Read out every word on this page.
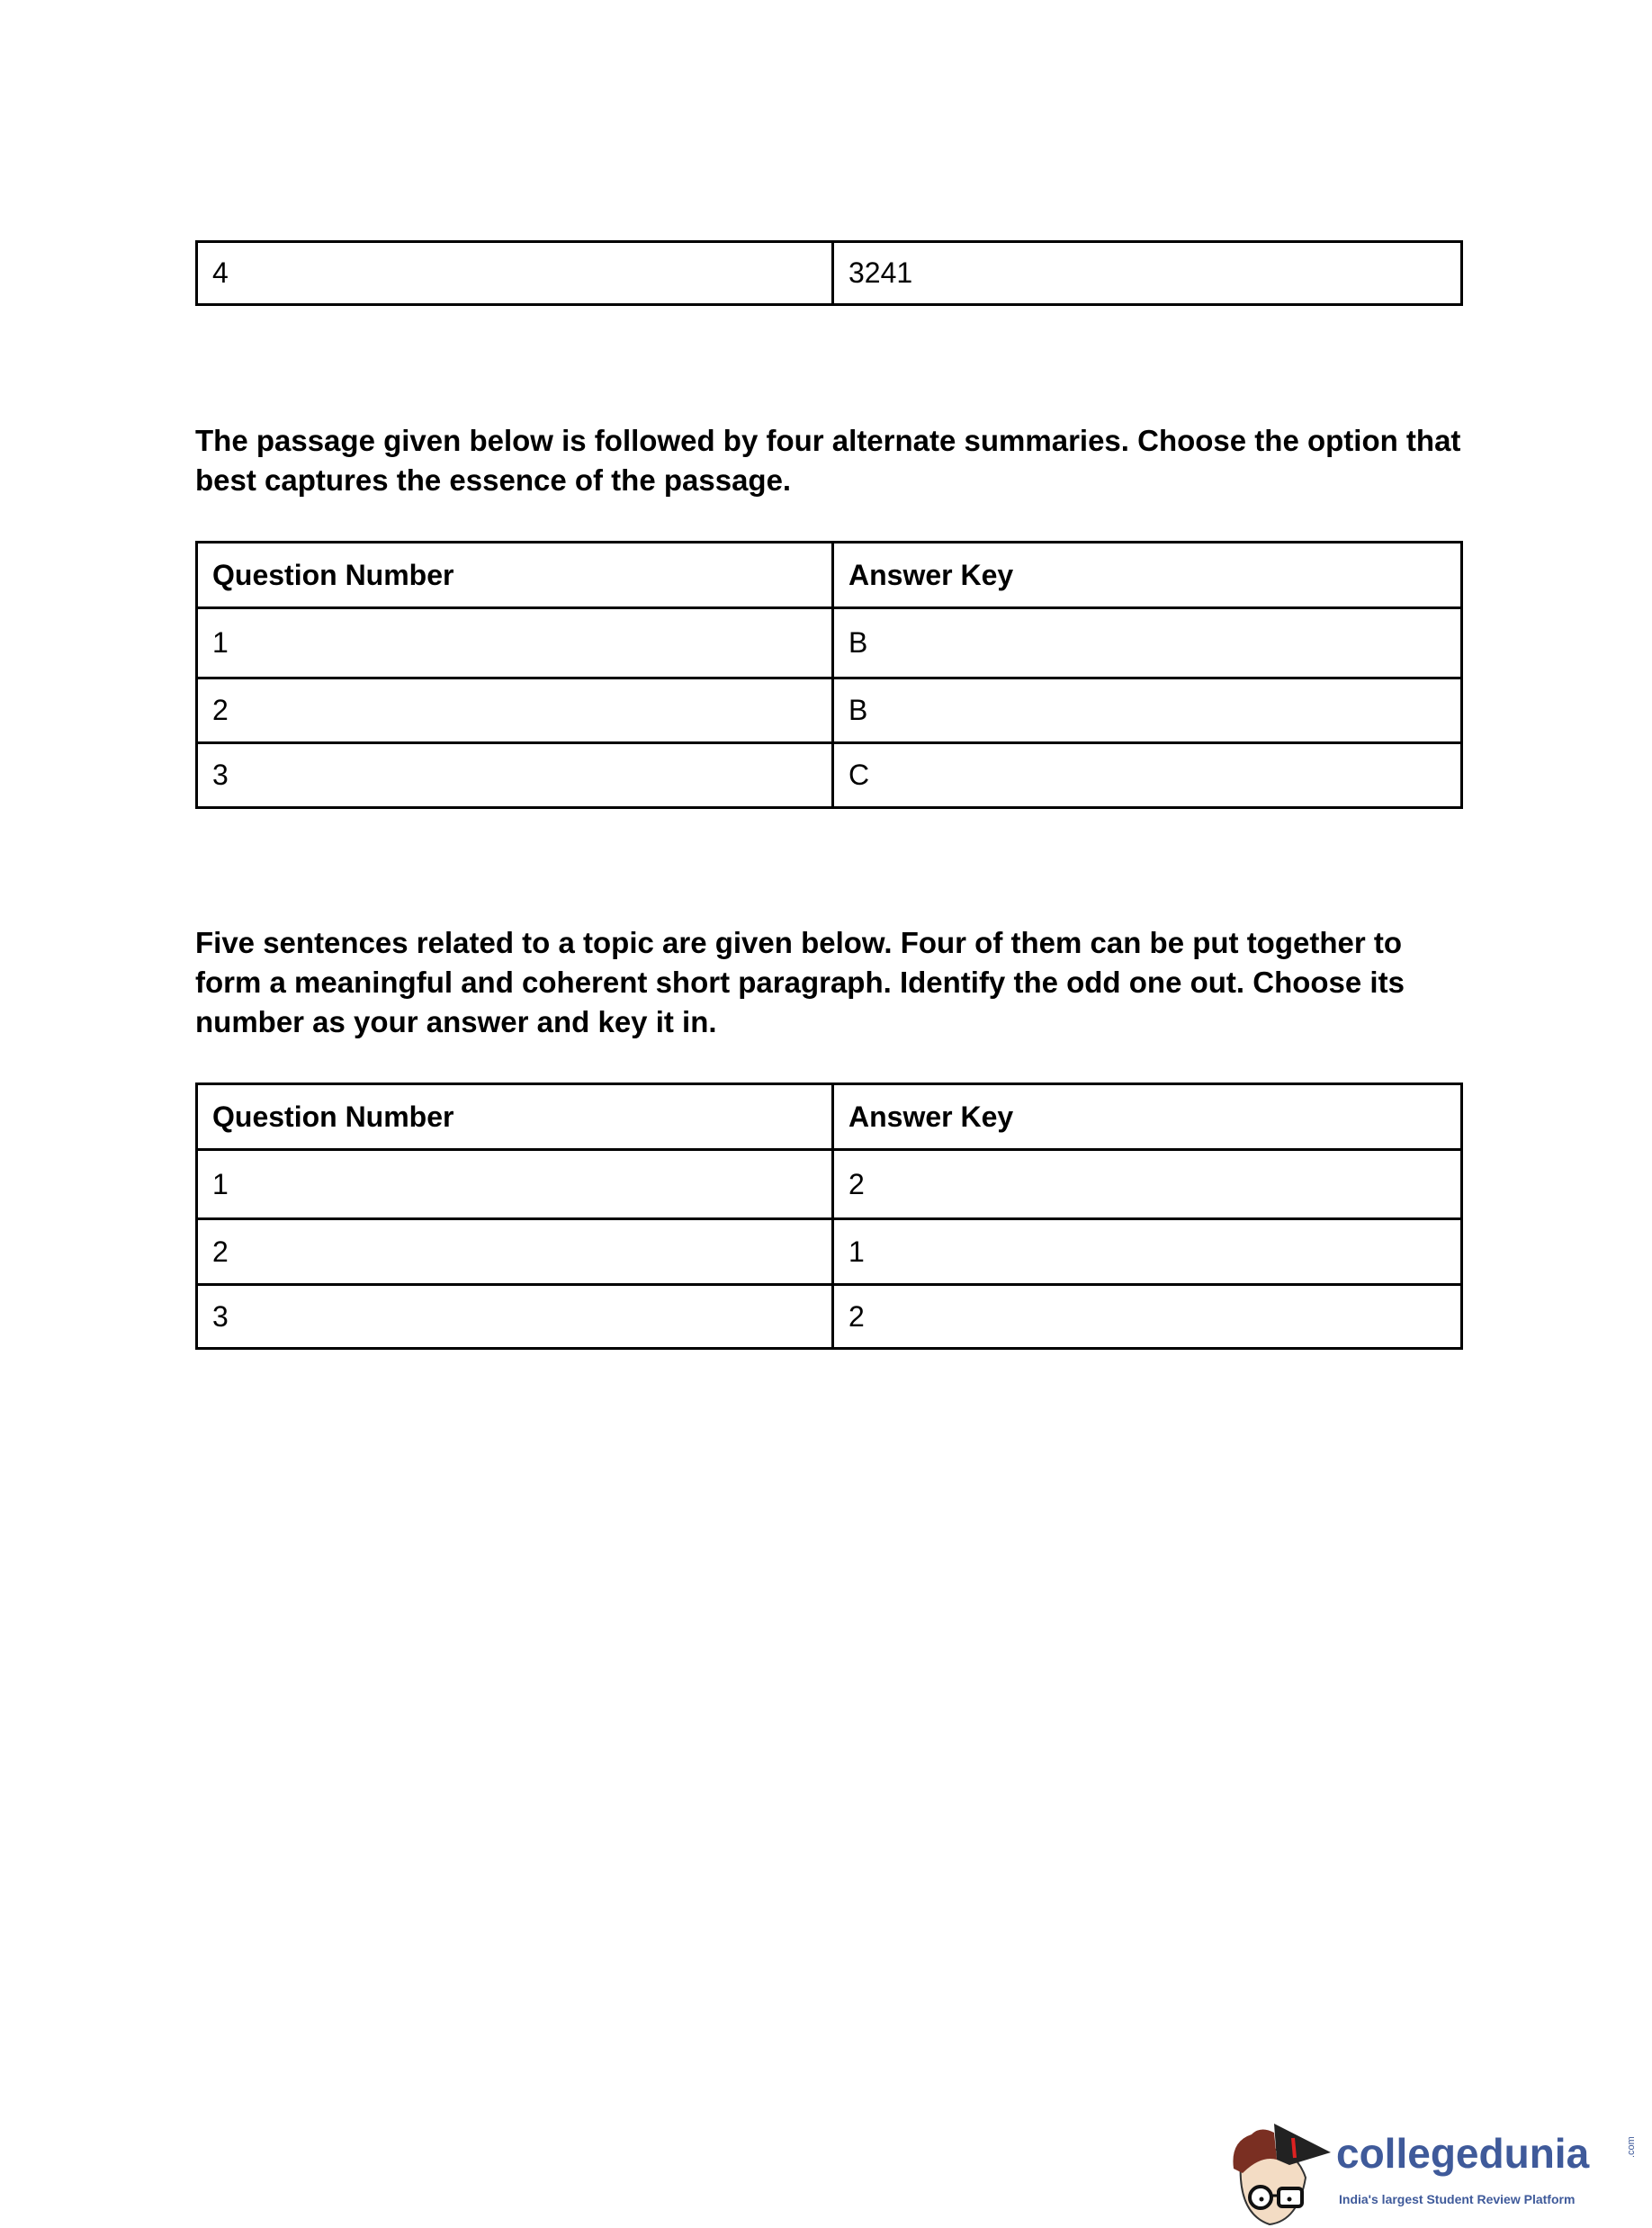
4	3241

The passage given below is followed by four alternate summaries. Choose the option that best captures the essence of the passage.

Question Number	Answer Key
1	B
2	B
3	C

Five sentences related to a topic are given below. Four of them can be put together to form a meaningful and coherent short paragraph. Identify the odd one out. Choose its number as your answer and key it in.

Question Number	Answer Key
1	2
2	1
3	2
collegedunia	.com
India's largest Student Review Platform
